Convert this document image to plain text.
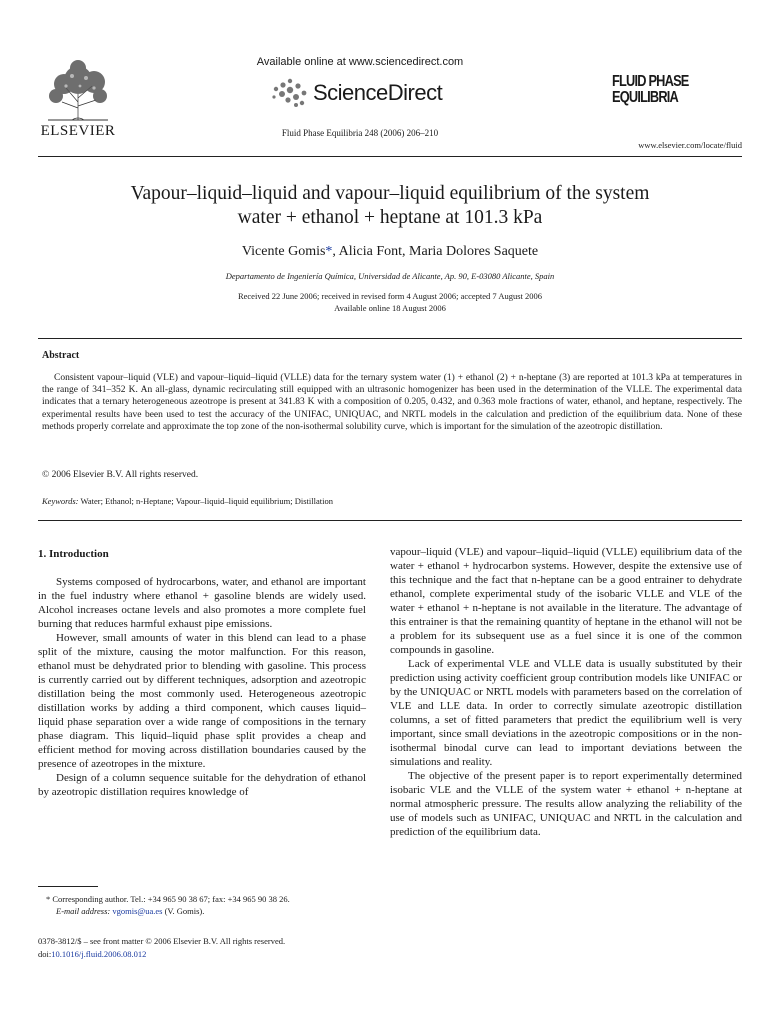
ELSEVIER
Available online at www.sciencedirect.com
ScienceDirect
Fluid Phase Equilibria 248 (2006) 206–210
FLUID PHASE
EQUILIBRIA
www.elsevier.com/locate/fluid
Vapour–liquid–liquid and vapour–liquid equilibrium of the system
water + ethanol + heptane at 101.3 kPa
Vicente Gomis*, Alicia Font, Maria Dolores Saquete
Departamento de Ingeniería Química, Universidad de Alicante, Ap. 90, E-03080 Alicante, Spain
Received 22 June 2006; received in revised form 4 August 2006; accepted 7 August 2006
Available online 18 August 2006
Abstract
Consistent vapour–liquid (VLE) and vapour–liquid–liquid (VLLE) data for the ternary system water (1) + ethanol (2) + n-heptane (3) are reported at 101.3 kPa at temperatures in the range of 341–352 K. An all-glass, dynamic recirculating still equipped with an ultrasonic homogenizer has been used in the determination of the VLLE. The experimental data indicates that a ternary heterogeneous azeotrope is present at 341.83 K with a composition of 0.205, 0.432, and 0.363 mole fractions of water, ethanol, and heptane, respectively. The experimental results have been used to test the accuracy of the UNIFAC, UNIQUAC, and NRTL models in the calculation and prediction of the equilibrium data. None of these methods properly correlate and approximate the top zone of the non-isothermal solubility curve, which is important for the simulation of the azeotropic distillation.
© 2006 Elsevier B.V. All rights reserved.
Keywords: Water; Ethanol; n-Heptane; Vapour–liquid–liquid equilibrium; Distillation

1. Introduction

Systems composed of hydrocarbons, water, and ethanol are important in the fuel industry where ethanol + gasoline blends are widely used. Alcohol increases octane levels and also promotes a more complete fuel burning that reduces harmful exhaust pipe emissions.

However, small amounts of water in this blend can lead to a phase split of the mixture, causing the motor malfunction. For this reason, ethanol must be dehydrated prior to blending with gasoline. This process is currently carried out by different techniques, adsorption and azeotropic distillation being the most commonly used. Heterogeneous azeotropic distillation works by adding a third component, which causes liquid–liquid phase separation over a wide range of compositions in the ternary phase diagram. This liquid–liquid phase split provides a cheap and efficient method for moving across distillation boundaries caused by the presence of azeotropes in the mixture.

Design of a column sequence suitable for the dehydration of ethanol by azeotropic distillation requires knowledge of

vapour–liquid (VLE) and vapour–liquid–liquid (VLLE) equilibrium data of the water + ethanol + hydrocarbon systems. However, despite the extensive use of this technique and the fact that n-heptane can be a good entrainer to dehydrate ethanol, complete experimental study of the isobaric VLLE and VLE of the water + ethanol + n-heptane is not available in the literature. The advantage of this entrainer is that the remaining quantity of heptane in the ethanol will not be a problem for its subsequent use as a fuel since it is one of the common compounds in gasoline.

Lack of experimental VLE and VLLE data is usually substituted by their prediction using activity coefficient group contribution models like UNIFAC or by the UNIQUAC or NRTL models with parameters based on the correlation of VLE and LLE data. In order to correctly simulate azeotropic distillation columns, a set of fitted parameters that predict the equilibrium well is very important, since small deviations in the azeotropic compositions or in the non-isothermal binodal curve can lead to important deviations between the simulations and reality.

The objective of the present paper is to report experimentally determined isobaric VLE and the VLLE of the system water + ethanol + n-heptane at normal atmospheric pressure. The results allow analyzing the reliability of the use of models such as UNIFAC, UNIQUAC and NRTL in the calculation and prediction of the equilibrium data.

* Corresponding author. Tel.: +34 965 90 38 67; fax: +34 965 90 38 26.
E-mail address: vgomis@ua.es (V. Gomis).
0378-3812/$ – see front matter © 2006 Elsevier B.V. All rights reserved.
doi:10.1016/j.fluid.2006.08.012
